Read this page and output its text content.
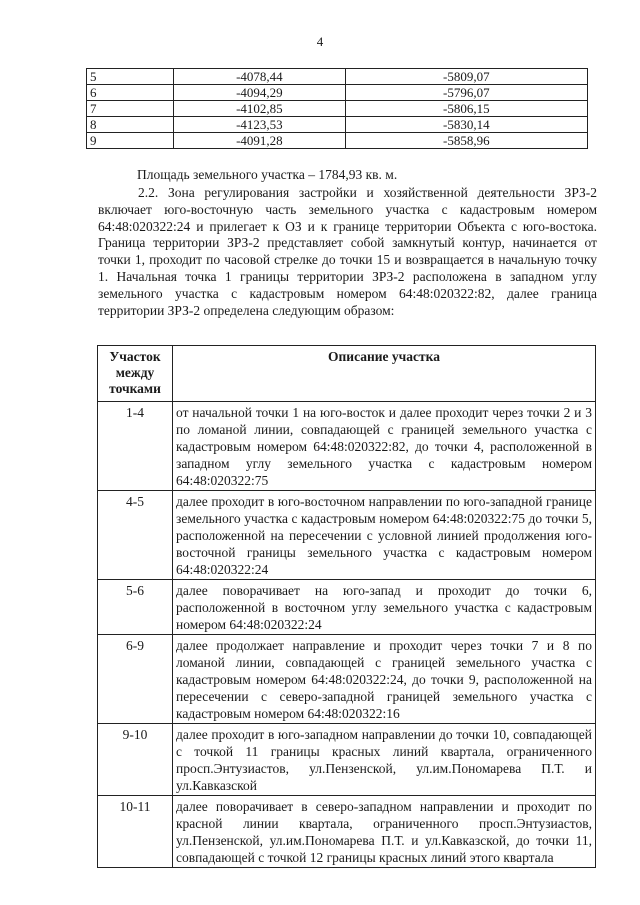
4
5	-4078,44	-5809,07
6	-4094,29	-5796,07
7	-4102,85	-5806,15
8	-4123,53	-5830,14
9	-4091,28	-5858,96
Площадь земельного участка – 1784,93 кв. м.

2.2. Зона регулирования застройки и хозяйственной деятельности ЗРЗ-2 включает юго-восточную часть земельного участка с кадастровым номером 64:48:020322:24 и прилегает к ОЗ и к границе территории Объекта с юго-востока. Граница территории ЗРЗ-2 представляет собой замкнутый контур, начинается от точки 1, проходит по часовой стрелке до точки 15 и возвращается в начальную точку 1. Начальная точка 1 границы территории ЗРЗ-2 расположена в западном углу земельного участка с кадастровым номером 64:48:020322:82, далее граница территории ЗРЗ-2 определена следующим образом:

Участок между точками	Описание участка
1-4	от начальной точки 1 на юго-восток и далее проходит через точки 2 и 3 по ломаной линии, совпадающей с границей земельного участка с кадастровым номером 64:48:020322:82, до точки 4, расположенной в западном углу земельного участка с кадастровым номером 64:48:020322:75
4-5	далее проходит в юго-восточном направлении по юго-западной границе земельного участка с кадастровым номером 64:48:020322:75 до точки 5, расположенной на пересечении с условной линией продолжения юго-восточной границы земельного участка с кадастровым номером 64:48:020322:24
5-6	далее поворачивает на юго-запад и проходит до точки 6, расположенной в восточном углу земельного участка с кадастровым номером 64:48:020322:24
6-9	далее продолжает направление и проходит через точки 7 и 8 по ломаной линии, совпадающей с границей земельного участка с кадастровым номером 64:48:020322:24, до точки 9, расположенной на пересечении с северо-западной границей земельного участка с кадастровым номером 64:48:020322:16
9-10	далее проходит в юго-западном направлении до точки 10, совпадающей с точкой 11 границы красных линий квартала, ограниченного просп.Энтузиастов, ул.Пензенской, ул.им.Пономарева П.Т. и ул.Кавказской
10-11	далее поворачивает в северо-западном направлении и проходит по красной линии квартала, ограниченного просп.Энтузиастов, ул.Пензенской, ул.им.Пономарева П.Т. и ул.Кавказской, до точки 11, совпадающей с точкой 12 границы красных линий этого квартала
